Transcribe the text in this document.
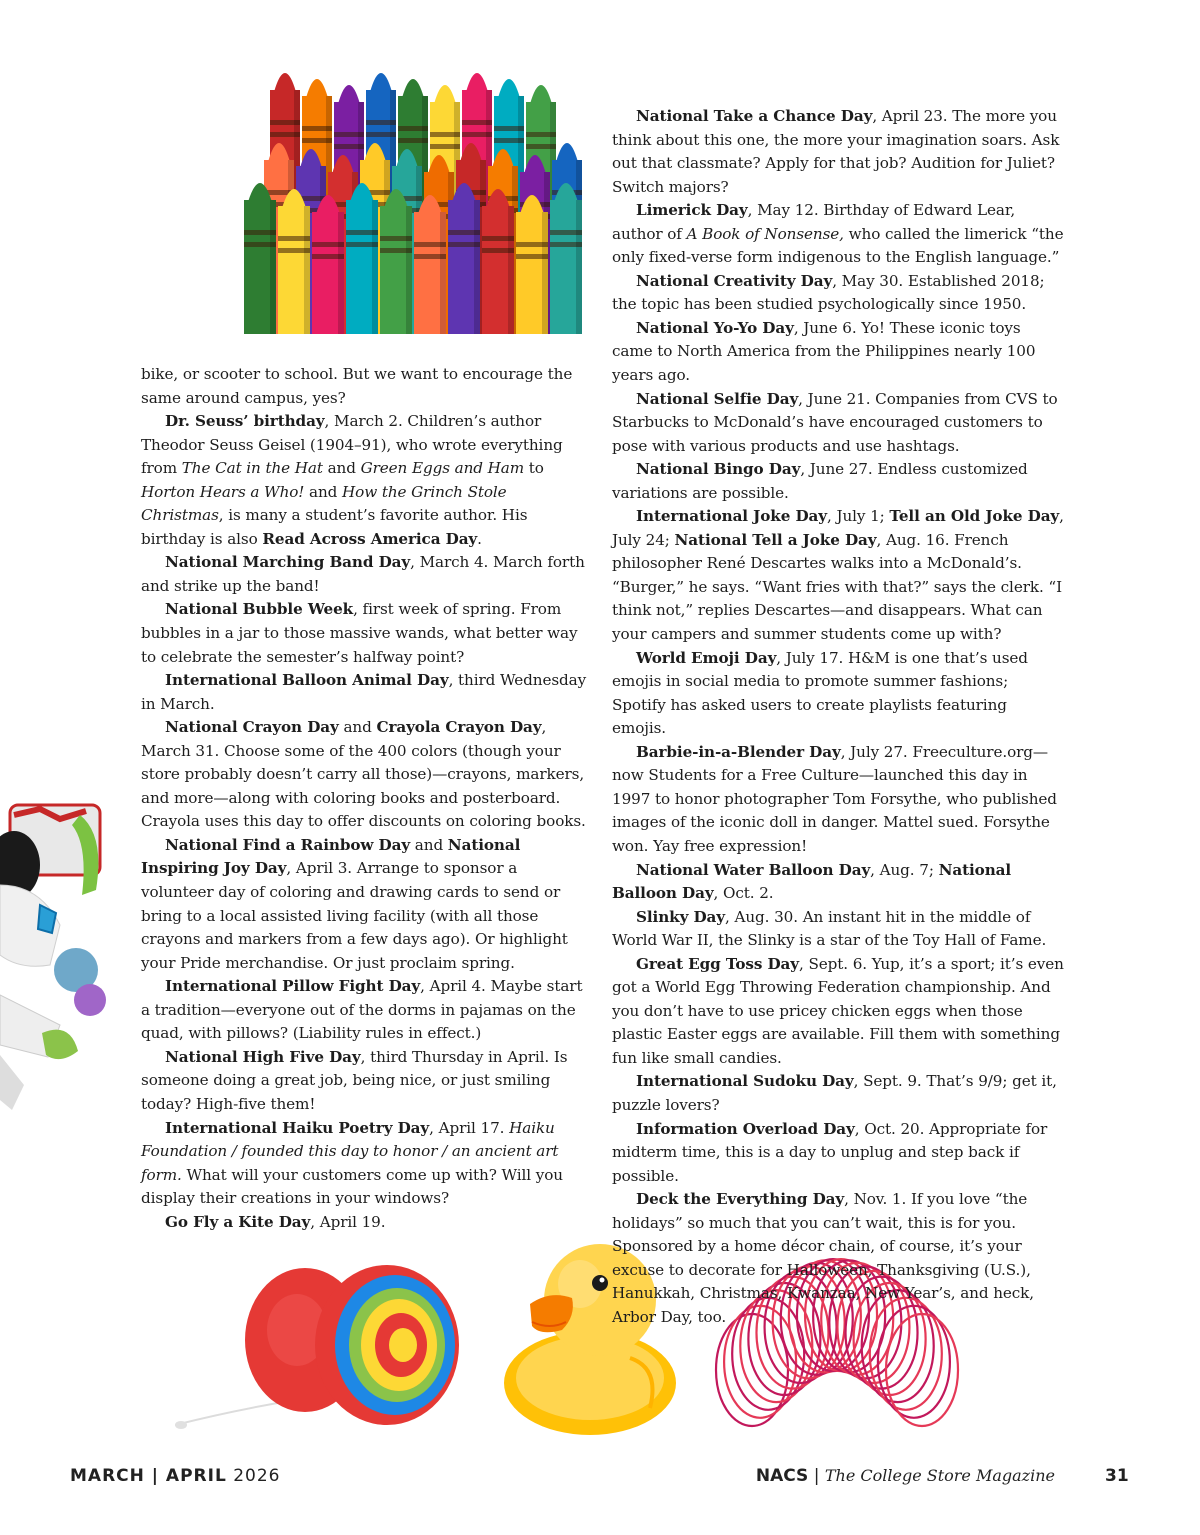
bike, or scooter to school. But we want to encourage the same around campus, yes?

Dr. Seuss’ birthday, March 2. Children’s author Theodor Seuss Geisel (1904–91), who wrote everything from The Cat in the Hat and Green Eggs and Ham to Horton Hears a Who! and How the Grinch Stole Christmas, is many a student’s favorite author. His birthday is also Read Across America Day.

National Marching Band Day, March 4. March forth and strike up the band!

National Bubble Week, first week of spring. From bubbles in a jar to those massive wands, what better way to celebrate the semester’s halfway point?

International Balloon Animal Day, third Wednesday in March.

National Crayon Day and Crayola Crayon Day, March 31. Choose some of the 400 colors (though your store probably doesn’t carry all those)—crayons, markers, and more—along with coloring books and posterboard. Crayola uses this day to offer discounts on coloring books.

National Find a Rainbow Day and National Inspiring Joy Day, April 3. Arrange to sponsor a volunteer day of coloring and drawing cards to send or bring to a local assisted living facility (with all those crayons and markers from a few days ago). Or highlight your Pride merchandise. Or just proclaim spring.

International Pillow Fight Day, April 4. Maybe start a tradition—everyone out of the dorms in pajamas on the quad, with pillows? (Liability rules in effect.)

National High Five Day, third Thursday in April. Is someone doing a great job, being nice, or just smiling today? High-five them!

International Haiku Poetry Day, April 17. Haiku Foundation / founded this day to honor / an ancient art form. What will your customers come up with? Will you display their creations in your windows?

Go Fly a Kite Day, April 19.

National Take a Chance Day, April 23. The more you think about this one, the more your imagination soars. Ask out that classmate? Apply for that job? Audition for Juliet? Switch majors?

Limerick Day, May 12. Birthday of Edward Lear, author of A Book of Nonsense, who called the limerick “the only fixed-verse form indigenous to the English language.”

National Creativity Day, May 30. Established 2018; the topic has been studied psychologically since 1950.

National Yo-Yo Day, June 6. Yo! These iconic toys came to North America from the Philippines nearly 100 years ago.

National Selfie Day, June 21. Companies from CVS to Starbucks to McDonald’s have encouraged customers to pose with various products and use hashtags.

National Bingo Day, June 27. Endless customized variations are possible.

International Joke Day, July 1; Tell an Old Joke Day, July 24; National Tell a Joke Day, Aug. 16. French philosopher René Descartes walks into a McDonald’s. “Burger,” he says. “Want fries with that?” says the clerk. “I think not,” replies Descartes—and disappears. What can your campers and summer students come up with?

World Emoji Day, July 17. H&M is one that’s used emojis in social media to promote summer fashions; Spotify has asked users to create playlists featuring emojis.

Barbie-in-a-Blender Day, July 27. Freeculture.org—now Students for a Free Culture—launched this day in 1997 to honor photographer Tom Forsythe, who published images of the iconic doll in danger. Mattel sued. Forsythe won. Yay free expression!

National Water Balloon Day, Aug. 7; National Balloon Day, Oct. 2.

Slinky Day, Aug. 30. An instant hit in the middle of World War II, the Slinky is a star of the Toy Hall of Fame.

Great Egg Toss Day, Sept. 6. Yup, it’s a sport; it’s even got a World Egg Throwing Federation championship. And you don’t have to use pricey chicken eggs when those plastic Easter eggs are available. Fill them with something fun like small candies.

International Sudoku Day, Sept. 9. That’s 9/9; get it, puzzle lovers?

Information Overload Day, Oct. 20. Appropriate for midterm time, this is a day to unplug and step back if possible.

Deck the Everything Day, Nov. 1. If you love “the holidays” so much that you can’t wait, this is for you. Sponsored by a home décor chain, of course, it’s your excuse to decorate for Halloween, Thanksgiving (U.S.), Hanukkah, Christmas, Kwanzaa, New Year’s, and heck, Arbor Day, too.

MARCH | APRIL 2026	NACS | The College Store Magazine	31
